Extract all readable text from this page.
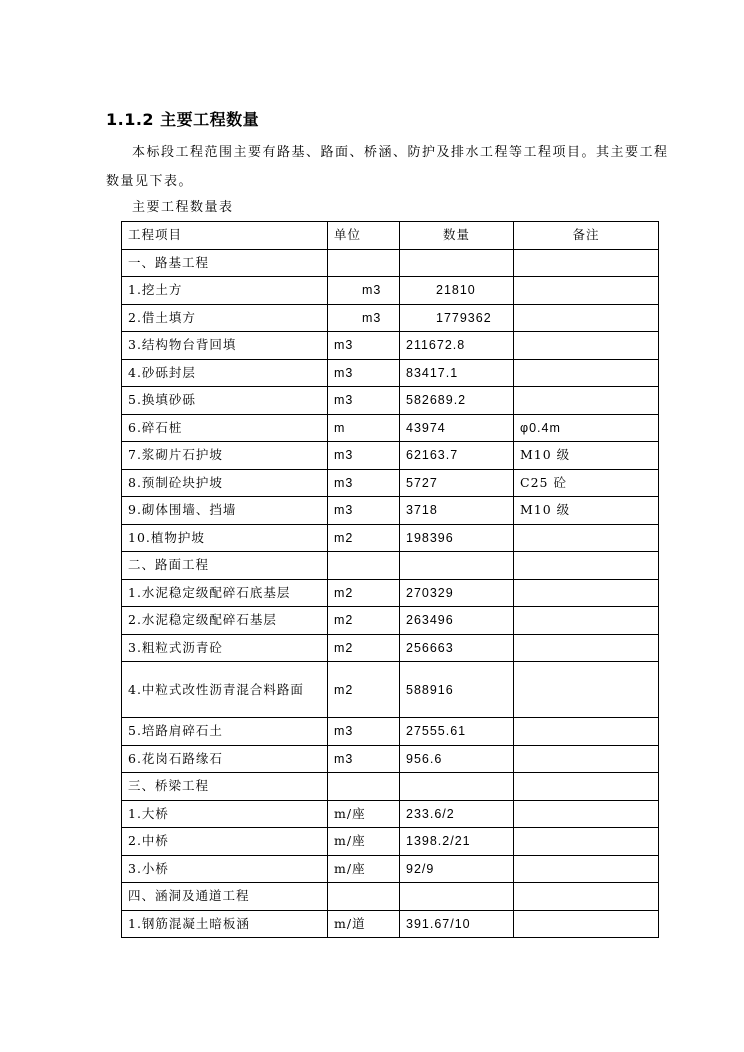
1.1.2 主要工程数量
本标段工程范围主要有路基、路面、桥涵、防护及排水工程等工程项目。其主要工程数量见下表。
主要工程数量表
工程项目	单位	数量	备注
一、路基工程			
1.挖土方	m3	21810	
2.借土填方	m3	1779362	
3.结构物台背回填	m3	211672.8	
4.砂砾封层	m3	83417.1	
5.换填砂砾	m3	582689.2	
6.碎石桩	m	43974	φ0.4m
7.浆砌片石护坡	m3	62163.7	M10 级
8.预制砼块护坡	m3	5727	C25 砼
9.砌体围墙、挡墙	m3	3718	M10 级
10.植物护坡	m2	198396	
二、路面工程			
1.水泥稳定级配碎石底基层	m2	270329	
2.水泥稳定级配碎石基层	m2	263496	
3.粗粒式沥青砼	m2	256663	
4.中粒式改性沥青混合料路面	m2	588916	
5.培路肩碎石土	m3	27555.61	
6.花岗石路缘石	m3	956.6	
三、桥梁工程			
1.大桥	m/座	233.6/2	
2.中桥	m/座	1398.2/21	
3.小桥	m/座	92/9	
四、涵洞及通道工程			
1.钢筋混凝土暗板涵	m/道	391.67/10	
